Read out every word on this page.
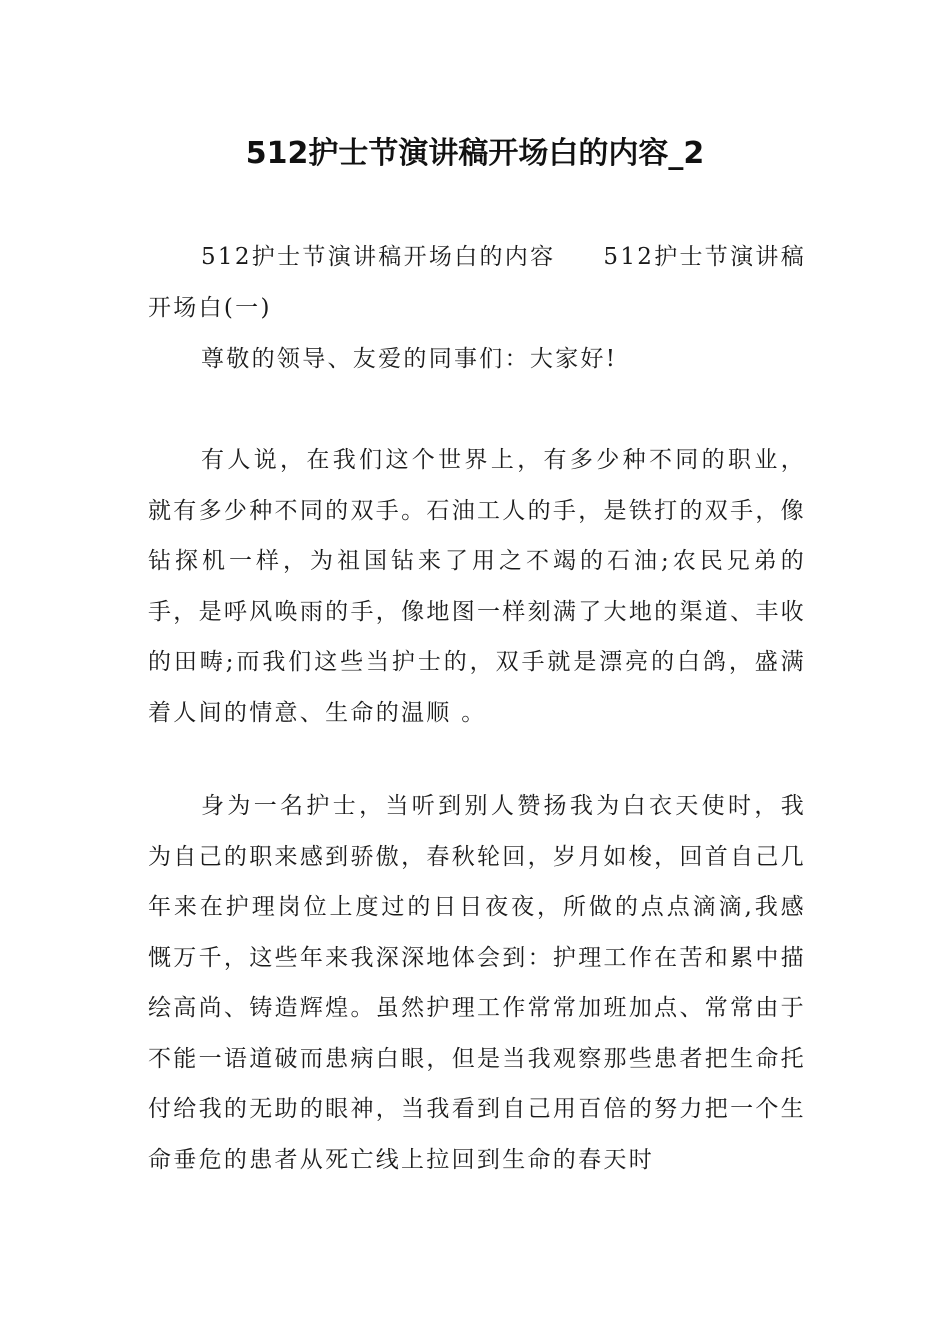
512护士节演讲稿开场白的内容_2

512护士节演讲稿开场白的内容 512护士节演讲稿开场白(一)

尊敬的领导、友爱的同事们：大家好!

有人说，在我们这个世界上，有多少种不同的职业，就有多少种不同的双手。石油工人的手，是铁打的双手，像钻探机一样，为祖国钻来了用之不竭的石油;农民兄弟的手，是呼风唤雨的手，像地图一样刻满了大地的渠道、丰收的田畴;而我们这些当护士的，双手就是漂亮的白鸽，盛满着人间的情意、生命的温顺 。

身为一名护士，当听到别人赞扬我为白衣天使时，我为自己的职来感到骄傲，春秋轮回，岁月如梭，回首自己几年来在护理岗位上度过的日日夜夜，所做的点点滴滴,我感慨万千，这些年来我深深地体会到：护理工作在苦和累中描绘高尚、铸造辉煌。虽然护理工作常常加班加点、常常由于不能一语道破而患病白眼，但是当我观察那些患者把生命托付给我的无助的眼神，当我看到自己用百倍的努力把一个生命垂危的患者从死亡线上拉回到生命的春天时
